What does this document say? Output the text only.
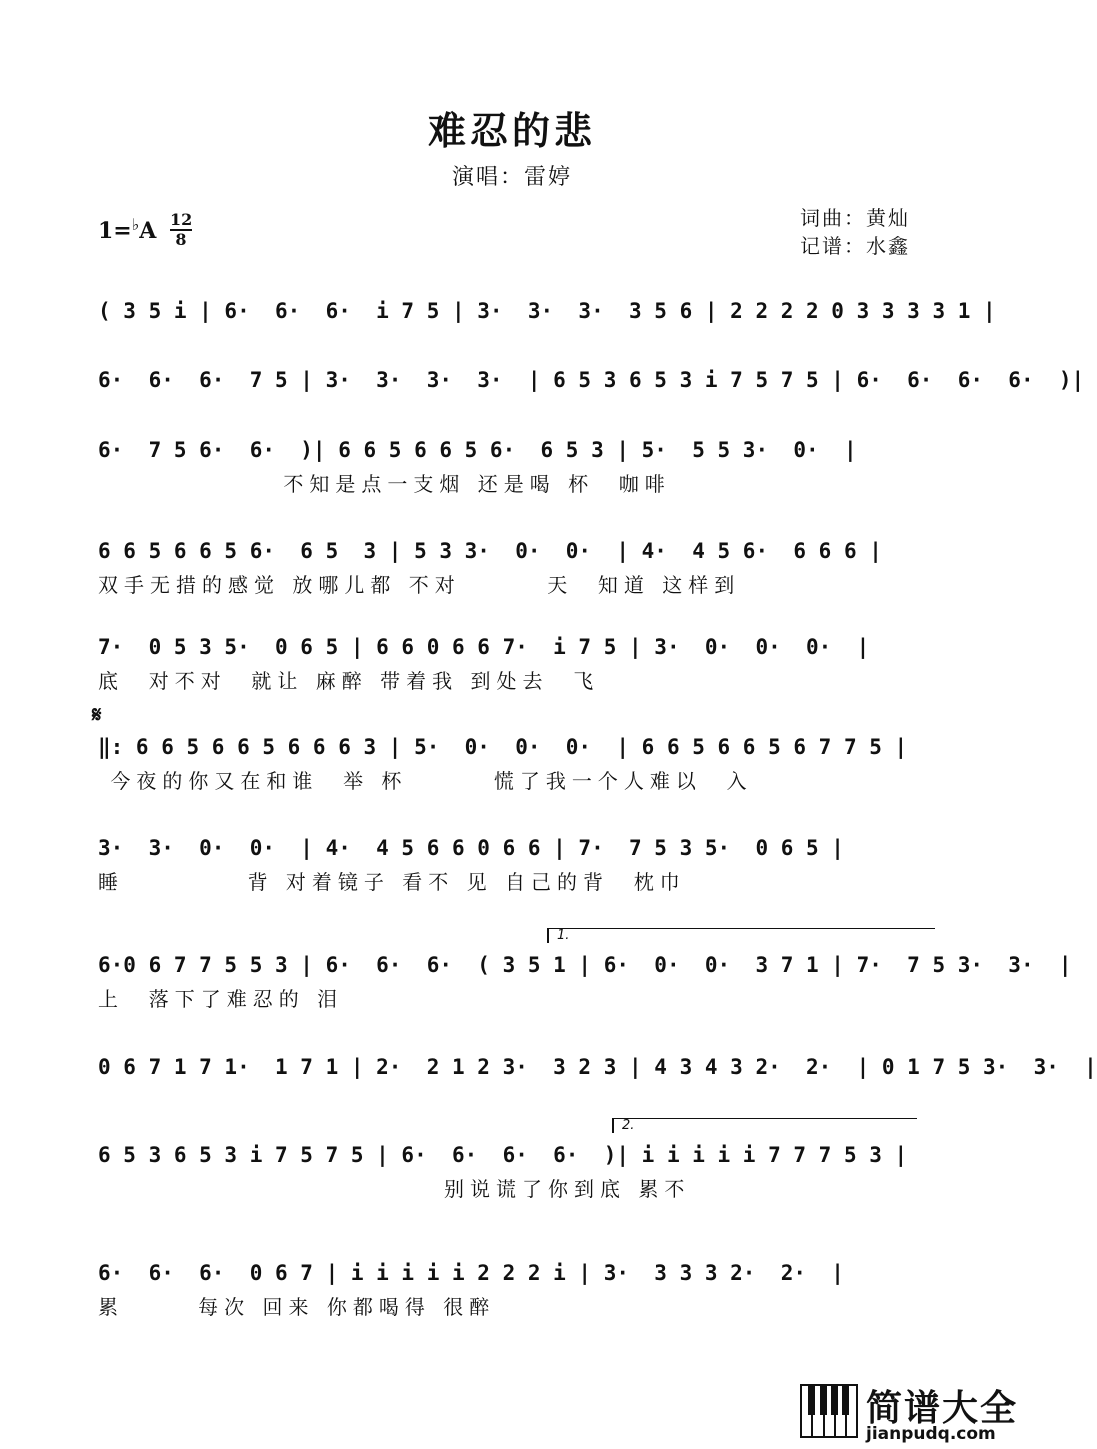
难忍的悲
演唱：雷婷
词曲：黄灿
记谱：水鑫
1=♭A 12
8
𝄋
( 3 5 i | 6·  6·  6·  i 7 5 | 3·  3·  3·  3 5 6 | 2 2 2 2 0 3 3 3 3 1 |
6·  6·  6·  7 5 | 3·  3·  3·  3·  | 6 5 3 6 5 3 i 7 5 7 5 | 6·  6·  6·  6·  )|
6·  7 5 6·  6·  )| 6 6 5 6 6 5 6·  6 5 3 | 5·  5 5 3·  0·  |
不知是点一支烟 还是喝 杯  咖啡
6 6 5 6 6 5 6·  6 5  3 | 5 3 3·  0·  0·  | 4·  4 5 6·  6 6 6 |
双手无措的感觉 放哪儿都 不对       天  知道 这样到
7·  0 5 3 5·  0 6 5 | 6 6 0 6 6 7·  i 7 5 | 3·  0·  0·  0·  |
底  对不对  就让 麻醉 带着我 到处去  飞
‖: 6 6 5 6 6 5 6 6 6 3 | 5·  0·  0·  0·  | 6 6 5 6 6 5 6 7 7 5 |
今夜的你又在和谁  举 杯       慌了我一个人难以  入
3·  3·  0·  0·  | 4·  4 5 6 6 0 6 6 | 7·  7 5 3 5·  0 6 5 |
睡          背 对着镜子 看不 见 自己的背  枕巾
1.
6·0 6 7 7 5 5 3 | 6·  6·  6·  ( 3 5 1 | 6·  0·  0·  3 7 1 | 7·  7 5 3·  3·  |
上  落下了难忍的 泪
0 6 7 1 7 1·  1 7 1 | 2·  2 1 2 3·  3 2 3 | 4 3 4 3 2·  2·  | 0 1 7 5 3·  3·  |
2.
6 5 3 6 5 3 i 7 5 7 5 | 6·  6·  6·  6·  )| i i i i i 7 7 7 5 3 |
别说谎了你到底 累不
6·  6·  6·  0 6 7 | i i i i i 2 2 2 i | 3·  3 3 3 2·  2·  |
累      每次 回来 你都喝得 很醉
简谱大全
jianpudq.com
